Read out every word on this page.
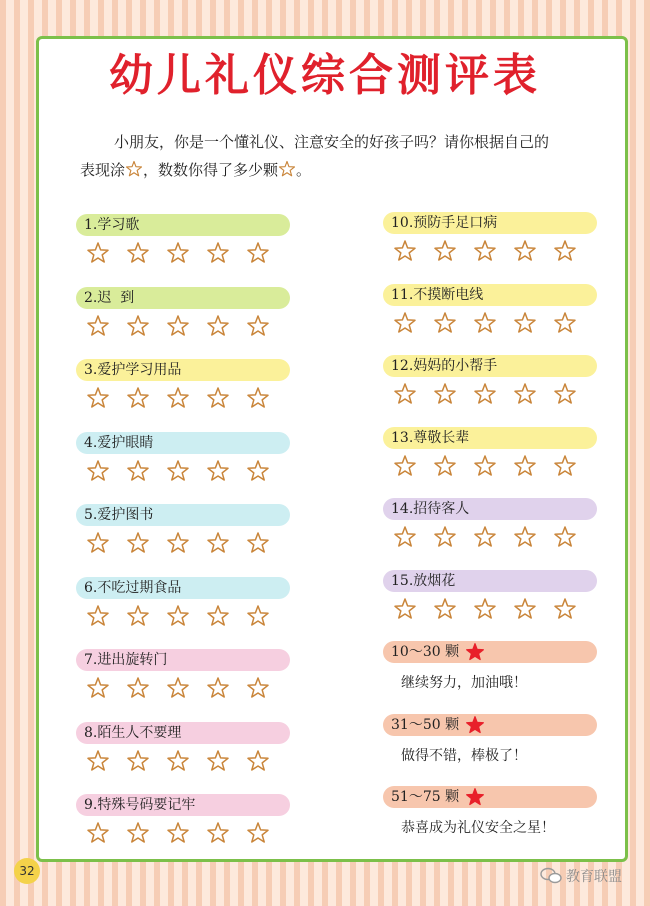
幼儿礼仪综合测评表
小朋友，你是一个懂礼仪、注意安全的好孩子吗？请你根据自己的
表现涂 ，数数你得了多少颗 。
1.学习歌
2.迟  到
3.爱护学习用品
4.爱护眼睛
5.爱护图书
6.不吃过期食品
7.进出旋转门
8.陌生人不要理
9.特殊号码要记牢
10.预防手足口病
11.不摸断电线
12.妈妈的小帮手
13.尊敬长辈
14.招待客人
15.放烟花
10～30 颗
继续努力，加油哦！
31～50 颗
做得不错，棒极了！
51～75 颗
恭喜成为礼仪安全之星！
32	教育联盟
